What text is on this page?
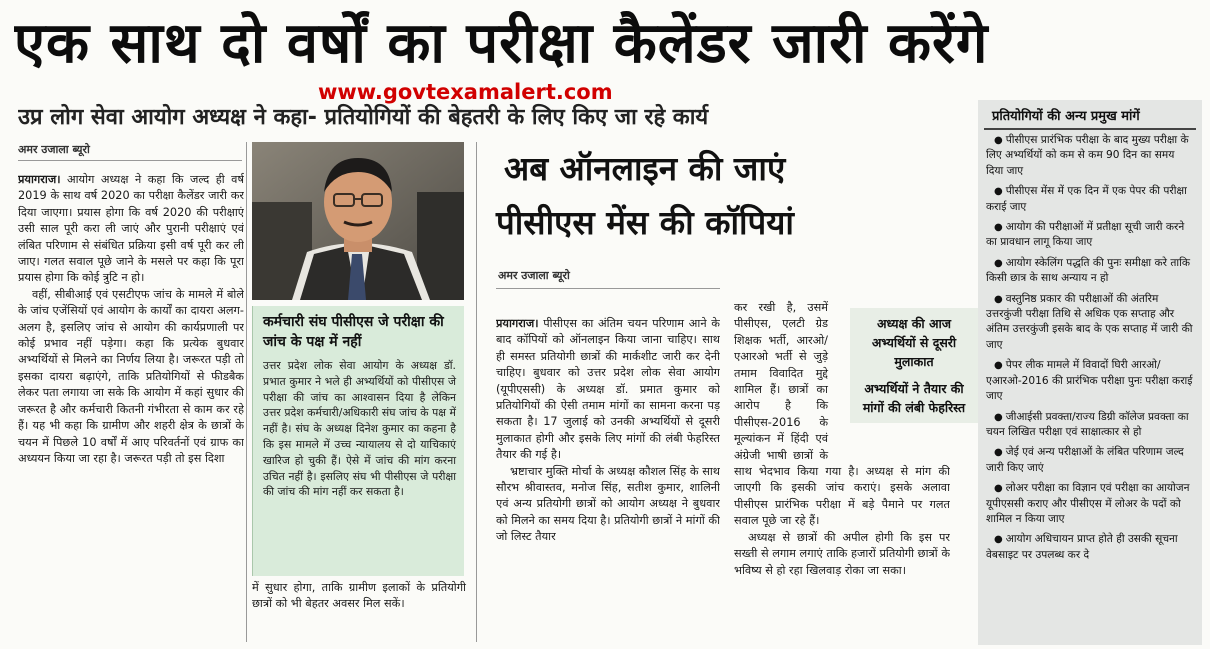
एक साथ दो वर्षों का परीक्षा कैलेंडर जारी करेंगे
www.govtexamalert.com
उप्र लोग सेवा आयोग अध्यक्ष ने कहा- प्रतियोगियों की बेहतरी के लिए किए जा रहे कार्य
अमर उजाला ब्यूरो

प्रयागराज। आयोग अध्यक्ष ने कहा कि जल्द ही वर्ष 2019 के साथ वर्ष 2020 का परीक्षा कैलेंडर जारी कर दिया जाएगा। प्रयास होगा कि वर्ष 2020 की परीक्षाएं उसी साल पूरी करा ली जाएं और पुरानी परीक्षाएं एवं लंबित परिणाम से संबंधित प्रक्रिया इसी वर्ष पूरी कर ली जाए। गलत सवाल पूछे जाने के मसले पर कहा कि पूरा प्रयास होगा कि कोई त्रुटि न हो।

वहीं, सीबीआई एवं एसटीएफ जांच के मामले में बोले के जांच एजेंसियों एवं आयोग के कार्यों का दायरा अलग-अलग है, इसलिए जांच से आयोग की कार्यप्रणाली पर कोई प्रभाव नहीं पड़ेगा। कहा कि प्रत्येक बुधवार अभ्यर्थियों से मिलने का निर्णय लिया है। जरूरत पड़ी तो इसका दायरा बढ़ाएंगे, ताकि प्रतियोगियों से फीडबैक लेकर पता लगाया जा सके कि आयोग में कहां सुधार की जरूरत है और कर्मचारी कितनी गंभीरता से काम कर रहे हैं। यह भी कहा कि ग्रामीण और शहरी क्षेत्र के छात्रों के चयन में पिछले 10 वर्षों में आए परिवर्तनों एवं ग्राफ का अध्ययन किया जा रहा है। जरूरत पड़ी तो इस दिशा

कर्मचारी संघ पीसीएस जे परीक्षा की जांच के पक्ष में नहीं
उत्तर प्रदेश लोक सेवा आयोग के अध्यक्ष डॉ. प्रभात कुमार ने भले ही अभ्यर्थियों को पीसीएस जे परीक्षा की जांच का आश्वासन दिया है लेकिन उत्तर प्रदेश कर्मचारी/अधिकारी संघ जांच के पक्ष में नहीं है। संघ के अध्यक्ष दिनेश कुमार का कहना है कि इस मामले में उच्च न्यायालय से दो याचिकाएं खारिज हो चुकी हैं। ऐसे में जांच की मांग करना उचित नहीं है। इसलिए संघ भी पीसीएस जे परीक्षा की जांच की मांग नहीं कर सकता है।
में सुधार होगा, ताकि ग्रामीण इलाकों के प्रतियोगी छात्रों को भी बेहतर अवसर मिल सकें।
अब ऑनलाइन की जाएं
पीसीएस मेंस की कॉपियां
अमर उजाला ब्यूरो

प्रयागराज। पीसीएस का अंतिम चयन परिणाम आने के बाद कॉपियों को ऑनलाइन किया जाना चाहिए। साथ ही समस्त प्रतियोगी छात्रों की मार्कशीट जारी कर देनी चाहिए। बुधवार को उत्तर प्रदेश लोक सेवा आयोग (यूपीएससी) के अध्यक्ष डॉ. प्रमात कुमार को प्रतियोगियों की ऐसी तमाम मांगों का सामना करना पड़ सकता है। 17 जुलाई को उनकी अभ्यर्थियों से दूसरी मुलाकात होगी और इसके लिए मांगों की लंबी फेहरिस्त तैयार की गई है।

भ्रष्टाचार मुक्ति मोर्चा के अध्यक्ष कौशल सिंह के साथ सौरभ श्रीवास्तव, मनोज सिंह, सतीश कुमार, शालिनी एवं अन्य प्रतियोगी छात्रों को आयोग अध्यक्ष ने बुधवार को मिलने का समय दिया है। प्रतियोगी छात्रों ने मांगों की जो लिस्ट तैयार

कर रखी है, उसमें पीसीएस, एलटी ग्रेड शिक्षक भर्ती, आरओ/एआरओ भर्ती से जुड़े तमाम विवादित मुद्दे शामिल हैं। छात्रों का आरोप है कि पीसीएस-2016 के मूल्यांकन में हिंदी एवं अंग्रेजी भाषी छात्रों के साथ भेदभाव किया गया है। अध्यक्ष से मांग की जाएगी कि इसकी जांच कराएं। इसके अलावा पीसीएस प्रारंभिक परीक्षा में बड़े पैमाने पर गलत सवाल पूछे जा रहे हैं।

अध्यक्ष से छात्रों की अपील होगी कि इस पर सख्ती से लगाम लगाएं ताकि हजारों प्रतियोगी छात्रों के भविष्य से हो रहा खिलवाड़ रोका जा सका।

अध्यक्ष की आज अभ्यर्थियों से दूसरी मुलाकात
अभ्यर्थियों ने तैयार की मांगों की लंबी फेहरिस्त
प्रतियोगियों की अन्य प्रमुख मांगें
● पीसीएस प्रारंभिक परीक्षा के बाद मुख्य परीक्षा के लिए अभ्यर्थियों को कम से कम 90 दिन का समय दिया जाए
● पीसीएस मेंस में एक दिन में एक पेपर की परीक्षा कराई जाए
● आयोग की परीक्षाओं में प्रतीक्षा सूची जारी करने का प्रावधान लागू किया जाए
● आयोग स्केलिंग पद्धति की पुनः समीक्षा करे ताकि किसी छात्र के साथ अन्याय न हो
● वस्तुनिष्ठ प्रकार की परीक्षाओं की अंतरिम उत्तरकुंजी परीक्षा तिथि से अधिक एक सप्ताह और अंतिम उत्तरकुंजी इसके बाद के एक सप्ताह में जारी की जाए
● पेपर लीक मामले में विवादों घिरी आरओ/एआरओ-2016 की प्रारंभिक परीक्षा पुनः परीक्षा कराई जाए
● जीआईसी प्रवक्ता/राज्य डिग्री कॉलेज प्रवक्ता का चयन लिखित परीक्षा एवं साक्षात्कार से हो
● जेई एवं अन्य परीक्षाओं के लंबित परिणाम जल्द जारी किए जाएं
● लोअर परीक्षा का विज्ञान एवं परीक्षा का आयोजन यूपीएससी कराए और पीसीएस में लोअर के पदों को शामिल न किया जाए
● आयोग अधिचायन प्राप्त होते ही उसकी सूचना वेबसाइट पर उपलब्ध कर दे
